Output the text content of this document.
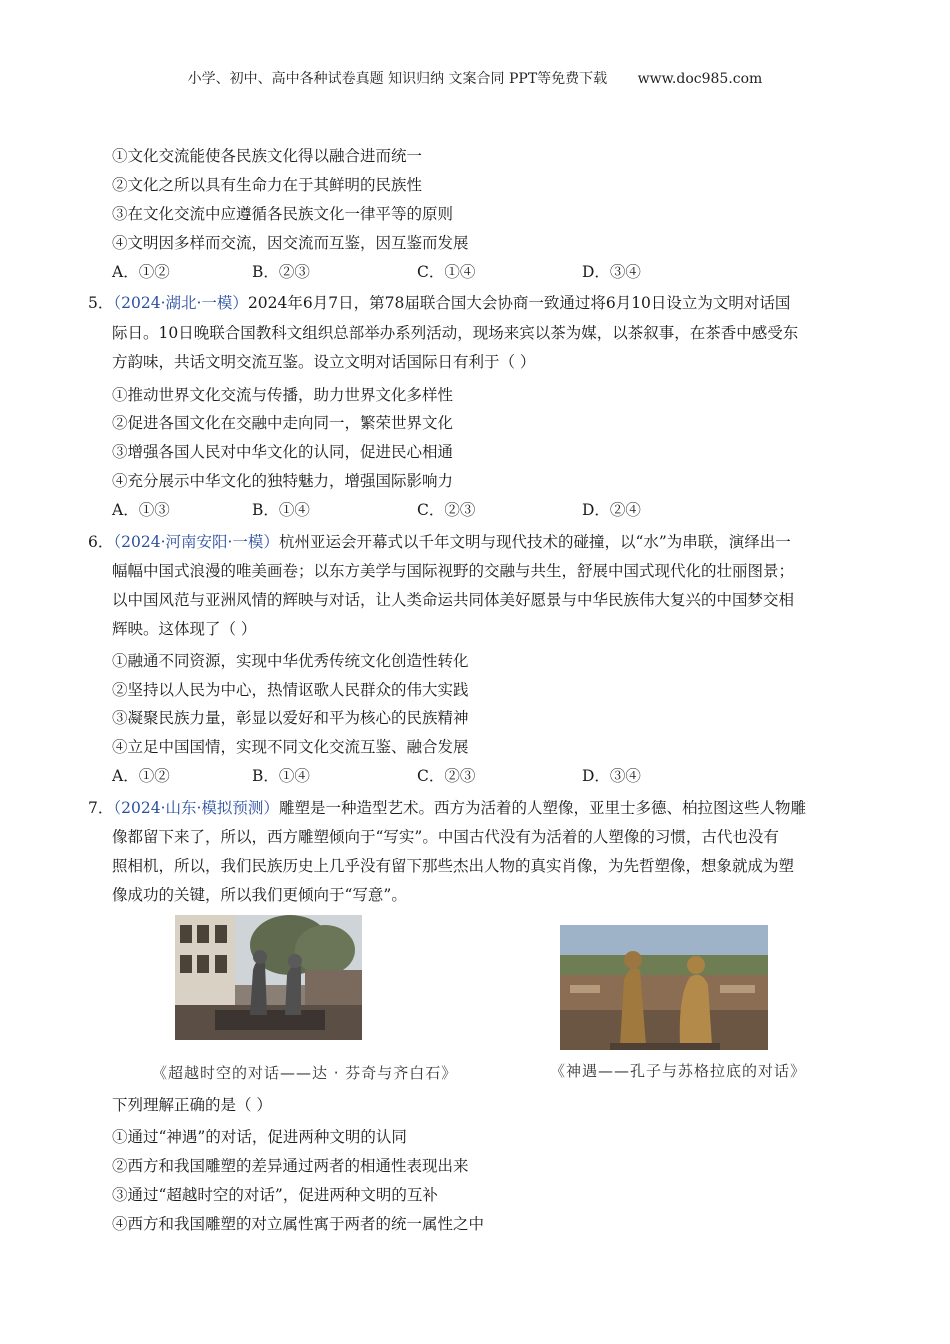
小学、初中、高中各种试卷真题 知识归纳 文案合同 PPT等免费下载 www.doc985.com
①文化交流能使各民族文化得以融合进而统一
②文化之所以具有生命力在于其鲜明的民族性
③在文化交流中应遵循各民族文化一律平等的原则
④文明因多样而交流，因交流而互鉴，因互鉴而发展
A．①②	B．②③	C．①④	D．③④
5．（2024·湖北·一模）2024年6月7日，第78届联合国大会协商一致通过将6月10日设立为文明对话国
际日。10日晚联合国教科文组织总部举办系列活动，现场来宾以茶为媒，以茶叙事，在茶香中感受东
方韵味，共话文明交流互鉴。设立文明对话国际日有利于（ ）
①推动世界文化交流与传播，助力世界文化多样性
②促进各国文化在交融中走向同一，繁荣世界文化
③增强各国人民对中华文化的认同，促进民心相通
④充分展示中华文化的独特魅力，增强国际影响力
A．①③	B．①④	C．②③	D．②④
6．（2024·河南安阳·一模）杭州亚运会开幕式以千年文明与现代技术的碰撞，以“水”为串联，演绎出一
幅幅中国式浪漫的唯美画卷；以东方美学与国际视野的交融与共生，舒展中国式现代化的壮丽图景；
以中国风范与亚洲风情的辉映与对话，让人类命运共同体美好愿景与中华民族伟大复兴的中国梦交相
辉映。这体现了（ ）
①融通不同资源，实现中华优秀传统文化创造性转化
②坚持以人民为中心，热情讴歌人民群众的伟大实践
③凝聚民族力量，彰显以爱好和平为核心的民族精神
④立足中国国情，实现不同文化交流互鉴、融合发展
A．①②	B．①④	C．②③	D．③④
7．（2024·山东·模拟预测）雕塑是一种造型艺术。西方为活着的人塑像，亚里士多德、柏拉图这些人物雕
像都留下来了，所以，西方雕塑倾向于“写实”。中国古代没有为活着的人塑像的习惯，古代也没有
照相机，所以，我们民族历史上几乎没有留下那些杰出人物的真实肖像，为先哲塑像，想象就成为塑
像成功的关键，所以我们更倾向于“写意”。
《超越时空的对话——达 · 芬奇与齐白石》	《神遇——孔子与苏格拉底的对话》
下列理解正确的是（ ）
①通过“神遇”的对话，促进两种文明的认同
②西方和我国雕塑的差异通过两者的相通性表现出来
③通过“超越时空的对话”，促进两种文明的互补
④西方和我国雕塑的对立属性寓于两者的统一属性之中
